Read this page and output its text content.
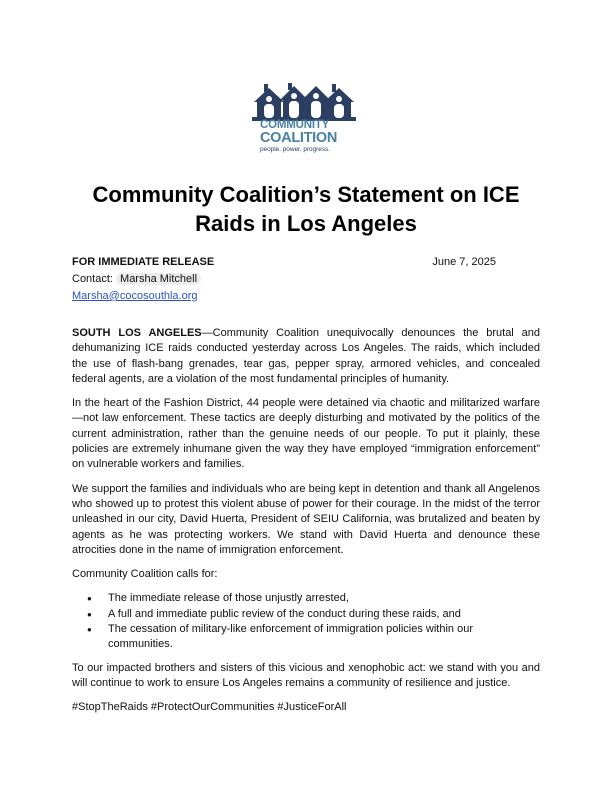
COMMUNITY
COALITION
people. power. progress.
Community Coalition’s Statement on ICE
Raids in Los Angeles
FOR IMMEDIATE RELEASE	June 7, 2025
Contact: Marsha Mitchell
Marsha@cocosouthla.org

SOUTH LOS ANGELES—Community Coalition unequivocally denounces the brutal and dehumanizing ICE raids conducted yesterday across Los Angeles. The raids, which included the use of flash-bang grenades, tear gas, pepper spray, armored vehicles, and concealed federal agents, are a violation of the most fundamental principles of humanity.

In the heart of the Fashion District, 44 people were detained via chaotic and militarized warfare—not law enforcement. These tactics are deeply disturbing and motivated by the politics of the current administration, rather than the genuine needs of our people. To put it plainly, these policies are extremely inhumane given the way they have employed “immigration enforcement” on vulnerable workers and families.

We support the families and individuals who are being kept in detention and thank all Angelenos who showed up to protest this violent abuse of power for their courage. In the midst of the terror unleashed in our city, David Huerta, President of SEIU California, was brutalized and beaten by agents as he was protecting workers. We stand with David Huerta and denounce these atrocities done in the name of immigration enforcement.

Community Coalition calls for:

● The immediate release of those unjustly arrested,
● A full and immediate public review of the conduct during these raids, and
● The cessation of military-like enforcement of immigration policies within our communities.

To our impacted brothers and sisters of this vicious and xenophobic act: we stand with you and will continue to work to ensure Los Angeles remains a community of resilience and justice.

#StopTheRaids #ProtectOurCommunities #JusticeForAll
